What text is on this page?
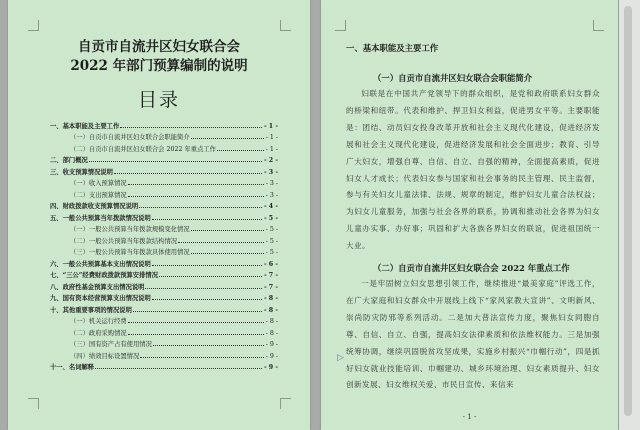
自贡市自流井区妇女联合会
2022 年部门预算编制的说明
目录
一、基本职能及主要工作	- 1 -
（一）自贡市自流井区妇女联合会职能简介	- 1 -
（二）自贡市自流井区妇女联合会 2022 年重点工作	- 1 -
二、部门概况	- 2 -
三、收支预算情况说明	- 3 -
（一）收入预算情况	- 3 -
（二）支出预算情况	- 3 -
四、财政拨款收支预算情况说明	- 4 -
五、一般公共预算当年拨款情况说明	- 5 -
（一）一般公共预算当年拨款规模变化情况	- 5 -
（二）一般公共预算当年拨款结构情况	- 5 -
（三）一般公共预算当年拨款具体使用情况	- 5 -
六、一般公共预算基本支出情况说明	- 6 -
七、“三公”经费财政拨款预算安排情况	- 7 -
八、政府性基金预算支出情况说明	- 7 -
九、国有资本经营预算支出情况说明	- 8 -
十、其他重要事项的情况说明	- 8 -
（一）机关运行经费	- 8 -
（二）政府采购情况	- 8 -
（三）国有资产占有使用情况	- 9 -
（四）绩效目标设置情况	- 9 -
十一、名词解释	- 9 -
一、基本职能及主要工作
（一）自贡市自流井区妇女联合会职能简介

妇联是在中国共产党领导下的群众组织，是党和政府联系妇女群众的桥梁和纽带。代表和维护、捍卫妇女利益，促进男女平等。主要职能是：团结、动员妇女投身改革开放和社会主义现代化建设，促进经济发展和社会主义现代化建设，促进经济发展和社会全面进步；教育、引导广大妇女，增强自尊、自信、自立、自强的精神，全面提高素质，促进妇女人才成长；代表妇女参与国家和社会事务的民主管理、民主监督，参与有关妇女儿童法律、法规、规章的制定，维护妇女儿童合法权益；为妇女儿童服务，加强与社会各界的联系，协调和推动社会各界为妇女儿童办实事、办好事；巩固和扩大各族各界妇女的联谊，促进祖国统一大业。

（二）自贡市自流井区妇女联合会 2022 年重点工作

一是牢固树立妇女思想引领工作，继续推进“最美家庭”评选工作，在广大家庭和妇女群众中开展线上线下“家风家教大宣讲”、文明新风、崇尚防灾防邪等系列活动。二是加大普法宣传力度，聚焦妇女同胞自尊、自信、自立、自强，提高妇女法律素质和依法维权能力。三是加强统筹协调，继续巩固脱贫攻坚成果，实施乡村振兴“巾帼行动”，四是抓好妇女就业技能培训、巾帼建功、城乡环境治理、妇女素质提升、妇女创新发展、妇女维权关爱、市民日宣传、来信来

- 1 -
▷
